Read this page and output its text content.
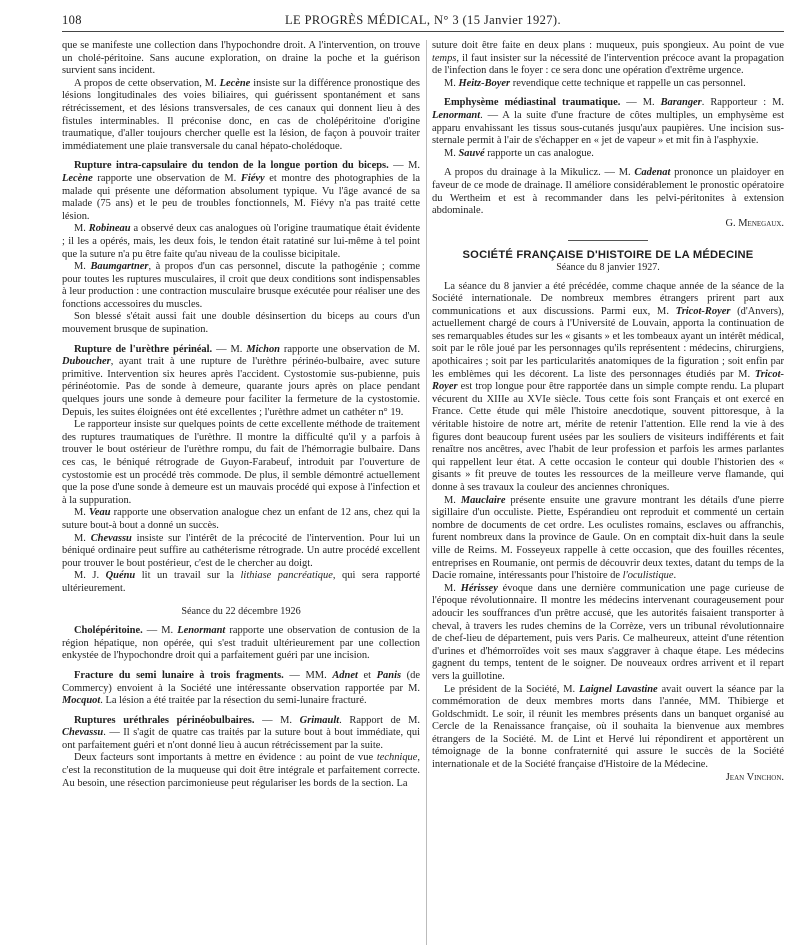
108	LE PROGRÈS MÉDICAL, N° 3 (15 Janvier 1927).

que se manifeste une collection dans l'hypochondre droit. A l'intervention, on trouve un cholé-péritoine. Sans aucune exploration, on draine la poche et la guérison survient sans incident.

A propos de cette observation, M. Lecène insiste sur la différence pronostique des lésions longitudinales des voies biliaires, qui guérissent spontanément et sans rétrécissement, et des lésions transversales, de ces canaux qui donnent lieu à des fistules interminables. Il préconise donc, en cas de cholépéritoine d'origine traumatique, d'aller toujours chercher quelle est la lésion, de façon à pouvoir traiter immédiatement une plaie transversale du canal hépato-cholédoque.

Rupture intra-capsulaire du tendon de la longue portion du biceps. — M. Lecène rapporte une observation de M. Fiévy et montre des photographies de la malade qui présente une déformation absolument typique. Vu l'âge avancé de sa malade (75 ans) et le peu de troubles fonctionnels, M. Fiévy n'a pas traité cette lésion.

M. Robineau a observé deux cas analogues où l'origine traumatique était évidente ; il les a opérés, mais, les deux fois, le tendon était ratatiné sur lui-même à tel point que la suture n'a pu être faite qu'au niveau de la coulisse bicipitale.

M. Baumgartner, à propos d'un cas personnel, discute la pathogénie ; comme pour toutes les ruptures musculaires, il croit que deux conditions sont indispensables à leur production : une contraction musculaire brusque exécutée pour réaliser une des fonctions accessoires du muscles.

Son blessé s'était aussi fait une double désinsertion du biceps au cours d'un mouvement brusque de supination.

Rupture de l'urèthre périnéal. — M. Michon rapporte une observation de M. Duboucher, ayant trait à une rupture de l'urèthre périnéo-bulbaire, avec suture primitive. Intervention six heures après l'accident. Cystostomie sus-pubienne, puis périnéotomie. Pas de sonde à demeure, quarante jours après on place pendant quelques jours une sonde à demeure pour faciliter la fermeture de la cystostomie. Depuis, les suites éloignées ont été excellentes ; l'urèthre admet un cathéter n° 19.

Le rapporteur insiste sur quelques points de cette excellente méthode de traitement des ruptures traumatiques de l'urèthre. Il montre la difficulté qu'il y a parfois à trouver le bout ostérieur de l'urèthre rompu, du fait de l'hémorragie bulbaire. Dans ces cas, le béniqué rétrograde de Guyon-Farabeuf, introduit par l'ouverture de cystostomie est un procédé très commode. De plus, il semble démontré actuellement que la pose d'une sonde à demeure est un mauvais procédé qui expose à l'infection et à la suppuration.

M. Veau rapporte une observation analogue chez un enfant de 12 ans, chez qui la suture bout-à bout a donné un succès.

M. Chevassu insiste sur l'intérêt de la précocité de l'intervention. Pour lui un béniqué ordinaire peut suffire au cathéterisme rétrograde. Un autre procédé excellent pour trouver le bout postérieur, c'est de le chercher au doigt.

M. J. Quénu lit un travail sur la lithiase pancréatique, qui sera rapporté ultérieurement.

Séance du 22 décembre 1926

Cholépéritoine. — M. Lenormant rapporte une observation de contusion de la région hépatique, non opérée, qui s'est traduit ultérieurement par une collection enkystée de l'hypochondre droit qui a parfaitement guéri par une incision.

Fracture du semi lunaire à trois fragments. — MM. Adnet et Panis (de Commercy) envoient à la Société une intéressante observation rapportée par M. Mocquot. La lésion a été traitée par la résection du semi-lunaire fracturé.

Ruptures uréthrales périnéobulbaires. — M. Grimault. Rapport de M. Chevassu. — Il s'agit de quatre cas traités par la suture bout à bout immédiate, qui ont parfaitement guéri et n'ont donné lieu à aucun rétrécissement par la suite.

Deux facteurs sont importants à mettre en évidence : au point de vue technique, c'est la reconstitution de la muqueuse qui doit être intégrale et parfaitement correcte. Au besoin, une résection parcimonieuse peut régulariser les bords de la section. La

suture doit être faite en deux plans : muqueux, puis spongieux. Au point de vue temps, il faut insister sur la nécessité de l'intervention précoce avant la propagation de l'infection dans le foyer : ce sera donc une opération d'extrême urgence.

M. Heitz-Boyer revendique cette technique et rappelle un cas personnel.

Emphysème médiastinal traumatique. — M. Baranger. Rapporteur : M. Lenormant. — A la suite d'une fracture de côtes multiples, un emphysème est apparu envahissant les tissus sous-cutanés jusqu'aux paupières. Une incision sus-sternale permit à l'air de s'échapper en « jet de vapeur » et mit fin à l'asphyxie.

M. Sauvé rapporte un cas analogue.

A propos du drainage à la Mikulicz. — M. Cadenat prononce un plaidoyer en faveur de ce mode de drainage. Il améliore considérablement le pronostic opératoire du Wertheim et est à recommander dans les pelvi-péritonites à extension abdominale.

G. Menegaux.

SOCIÉTÉ FRANÇAISE D'HISTOIRE DE LA MÉDECINE

Séance du 8 janvier 1927.

La séance du 8 janvier a été précédée, comme chaque année de la séance de la Société internationale. De nombreux membres étrangers prirent part aux communications et aux discussions. Parmi eux, M. Tricot-Royer (d'Anvers), actuellement chargé de cours à l'Université de Louvain, apporta la continuation de ses remarquables études sur les « gisants » et les tombeaux ayant un intérêt médical, soit par le rôle joué par les personnages qu'ils représentent : médecins, chirurgiens, apothicaires ; soit par les particularités anatomiques de la figuration ; soit enfin par les emblèmes qui les décorent. La liste des personnages étudiés par M. Tricot-Royer est trop longue pour être rapportée dans un simple compte rendu. La plupart vécurent du XIIIe au XVIe siècle. Tous cette fois sont Français et ont exercé en France. Cette étude qui mêle l'histoire anecdotique, souvent pittoresque, à la véritable histoire de notre art, mérite de retenir l'attention. Elle rend la vie à des figures dont beaucoup furent usées par les souliers de visiteurs indifférents et fait renaître nos ancêtres, avec l'habit de leur profession et parfois les armes parlantes qui rappellent leur état. A cette occasion le conteur qui double l'historien des « gisants » fit preuve de toutes les ressources de la meilleure verve flamande, qui donne à ses travaux la couleur des anciennes chroniques.

M. Mauclaire présente ensuite une gravure montrant les détails d'une pierre sigillaire d'un occuliste. Piette, Espérandieu ont reproduit et commenté un certain nombre de documents de cet ordre. Les oculistes romains, esclaves ou affranchis, furent nombreux dans la province de Gaule. On en comptait dix-huit dans la seule ville de Reims. M. Fosseyeux rappelle à cette occasion, que des fouilles récentes, entreprises en Roumanie, ont permis de découvrir deux textes, datant du temps de la Dacie romaine, intéressants pour l'histoire de l'oculistique.

M. Hérissey évoque dans une dernière communication une page curieuse de l'époque révolutionnaire. Il montre les médecins intervenant courageusement pour adoucir les souffrances d'un prêtre accusé, que les autorités faisaient transporter à cheval, à travers les rudes chemins de la Corrèze, vers un tribunal révolutionnaire de chef-lieu de département, puis vers Paris. Ce malheureux, atteint d'une rétention d'urines et d'hémorroïdes voit ses maux s'aggraver à chaque étape. Les médecins gagnent du temps, tentent de le soigner. De nouveaux ordres arrivent et il repart vers la guillotine.

Le président de la Société, M. Laignel Lavastine avait ouvert la séance par la commémoration de deux membres morts dans l'année, MM. Thibierge et Goldschmidt. Le soir, il réunit les membres présents dans un banquet organisé au Cercle de la Renaissance française, où il souhaita la bienvenue aux membres étrangers de la Société. M. de Lint et Hervé lui répondirent et apportèrent un témoignage de la bonne confraternité qui assure le succès de la Société internationale et de la Société française d'Histoire de la Médecine.

Jean Vinchon.
